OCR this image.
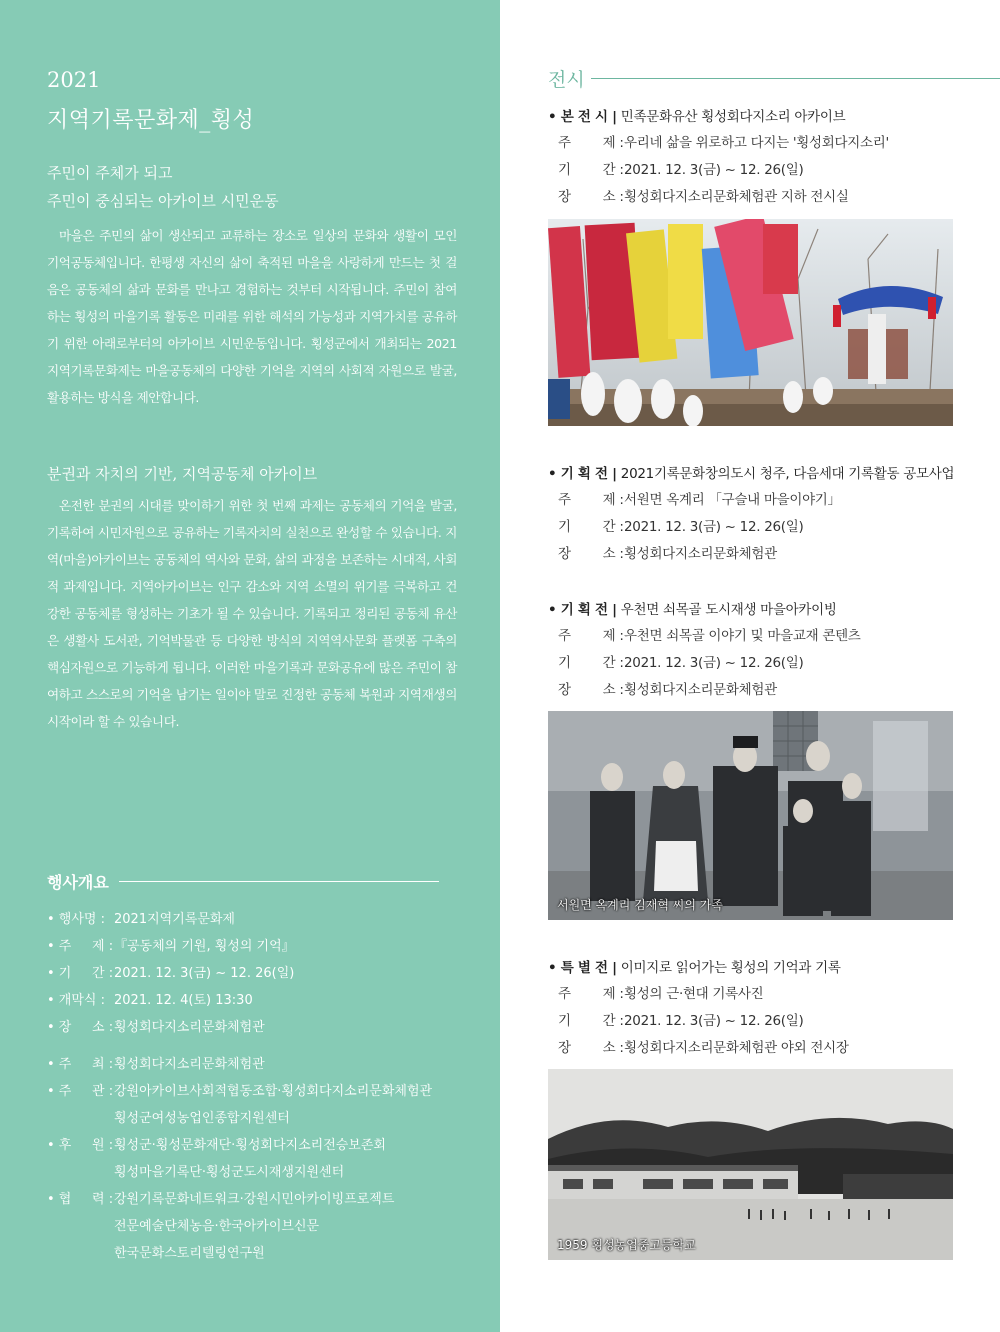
2021
지역기록문화제_횡성
주민이 주체가 되고
주민이 중심되는 아카이브 시민운동

마을은 주민의 삶이 생산되고 교류하는 장소로 일상의 문화와 생활이 모인 기억공동체입니다. 한평생 자신의 삶이 축적된 마을을 사랑하게 만드는 첫 걸음은 공동체의 삶과 문화를 만나고 경험하는 것부터 시작됩니다. 주민이 참여하는 횡성의 마을기록 활동은 미래를 위한 해석의 가능성과 지역가치를 공유하기 위한 아래로부터의 아카이브 시민운동입니다. 횡성군에서 개최되는 2021지역기록문화제는 마을공동체의 다양한 기억을 지역의 사회적 자원으로 발굴, 활용하는 방식을 제안합니다.

분권과 자치의 기반, 지역공동체 아카이브

온전한 분권의 시대를 맞이하기 위한 첫 번째 과제는 공동체의 기억을 발굴, 기록하여 시민자원으로 공유하는 기록자치의 실천으로 완성할 수 있습니다. 지역(마을)아카이브는 공동체의 역사와 문화, 삶의 과정을 보존하는 시대적, 사회적 과제입니다. 지역아카이브는 인구 감소와 지역 소멸의 위기를 극복하고 건강한 공동체를 형성하는 기초가 될 수 있습니다. 기록되고 정리된 공동체 유산은 생활사 도서관, 기억박물관 등 다양한 방식의 지역역사문화 플랫폼 구축의 핵심자원으로 기능하게 됩니다. 이러한 마을기록과 문화공유에 많은 주민이 참여하고 스스로의 기억을 남기는 일이야 말로 진정한 공동체 복원과 지역재생의 시작이라 할 수 있습니다.

행사개요
• 행사명 : 2021지역기록문화제
• 주     제 : 『공동체의 기원, 횡성의 기억』
• 기     간 : 2021. 12. 3(금) ~ 12. 26(일)
• 개막식 : 2021. 12. 4(토) 13:30
• 장     소 : 횡성회다지소리문화체험관
• 주     최 : 횡성회다지소리문화체험관
• 주     관 : 강원아카이브사회적협동조합·횡성회다지소리문화체험관
횡성군여성농업인종합지원센터
• 후     원 : 횡성군·횡성문화재단·횡성회다지소리전승보존회
횡성마을기록단·횡성군도시재생지원센터
• 협     력 : 강원기록문화네트워크·강원시민아카이빙프로젝트
전문예술단체농음·한국아카이브신문
한국문화스토리텔링연구원
전시
• 본 전 시 | 민족문화유산 횡성회다지소리 아카이브
주        제 : 우리네 삶을 위로하고 다지는 '횡성회다지소리'
기        간 : 2021. 12. 3(금) ~ 12. 26(일)
장        소 : 횡성회다지소리문화체험관 지하 전시실
• 기 획 전 | 2021기록문화창의도시 청주, 다음세대 기록활동 공모사업
주        제 : 서원면 옥계리 「구슬내 마을이야기」
기        간 : 2021. 12. 3(금) ~ 12. 26(일)
장        소 : 횡성회다지소리문화체험관
• 기 획 전 | 우천면 쇠목골 도시재생 마을아카이빙
주        제 : 우천면 쇠목골 이야기 및 마을교재 콘텐츠
기        간 : 2021. 12. 3(금) ~ 12. 26(일)
장        소 : 횡성회다지소리문화체험관
서원면 옥계리 김재혁 씨의 가족
• 특 별 전 | 이미지로 읽어가는 횡성의 기억과 기록
주        제 : 횡성의 근·현대 기록사진
기        간 : 2021. 12. 3(금) ~ 12. 26(일)
장        소 : 횡성회다지소리문화체험관 야외 전시장
1959 횡성농업중고등학교
